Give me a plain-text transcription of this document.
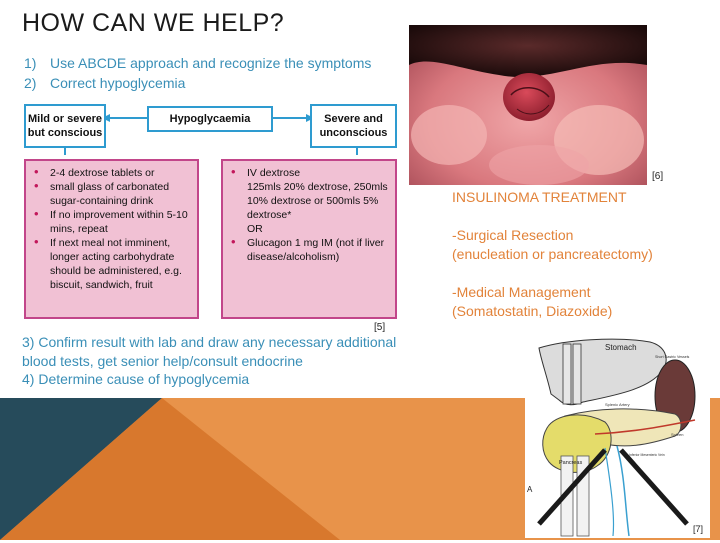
HOW CAN WE HELP?
1) Use ABCDE approach and recognize the symptoms
2) Correct hypoglycemia
Mild or severe but conscious
Hypoglycaemia	Severe and unconscious
• 2-4 dextrose tablets or
• small glass of carbonated sugar-containing drink
• If no improvement within 5-10 mins, repeat
• If next meal not imminent, longer acting carbohydrate should be administered, e.g. biscuit, sandwich, fruit
• IV dextrose
125mls 20% dextrose, 250mls 10% dextrose or 500mls 5% dextrose*
OR
• Glucagon 1 mg IM (not if liver disease/alcoholism)
[5]
3) Confirm result with lab and draw any necessary additional blood tests, get senior help/consult endocrine
4) Determine cause of hypoglycemia
[6]
INSULINOMA TREATMENT
-Surgical Resection
(enucleation or pancreatectomy)
-Medical Management
(Somatostatin, Diazoxide)
Stomach
Short Gastric Vessels
Splenic Artery
Spleen
Pancreas
Inferior Mesenteric Vein
A
[7]
